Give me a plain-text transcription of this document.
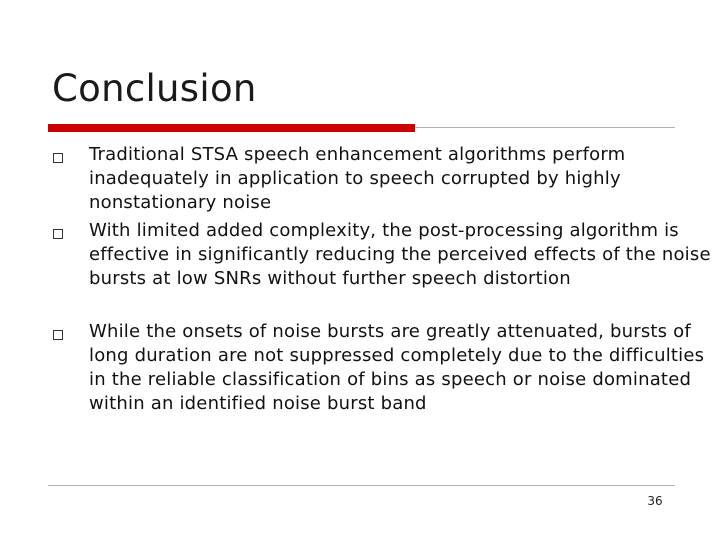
Conclusion
Traditional STSA speech enhancement algorithms perform inadequately in application to speech corrupted by highly nonstationary noise
With limited added complexity, the post-processing algorithm is effective in significantly reducing the perceived effects of the noise bursts at low SNRs without further speech distortion
While the onsets of noise bursts are greatly attenuated, bursts of long duration are not suppressed completely due to the difficulties in the reliable classification of bins as speech or noise dominated within an identified noise burst band
36
